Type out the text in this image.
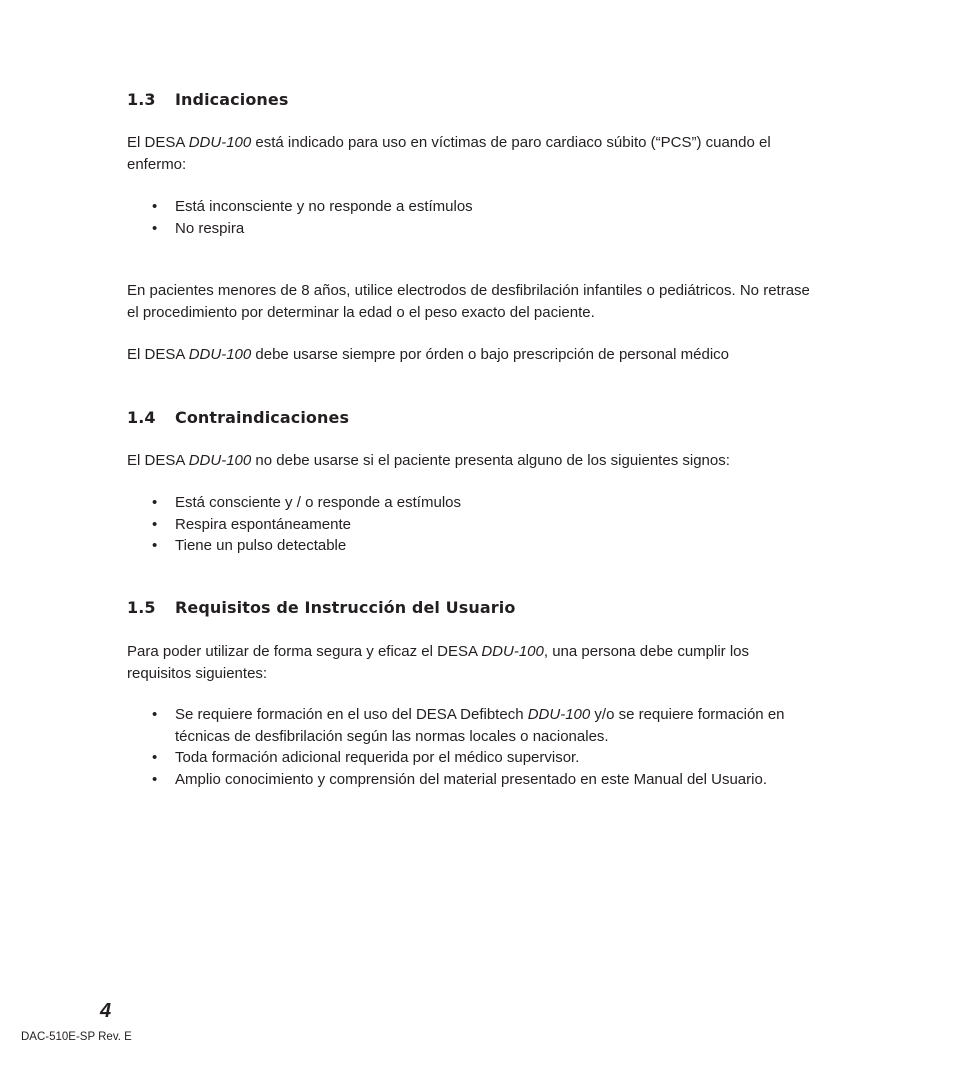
1.3 Indicaciones

El DESA DDU-100 está indicado para uso en víctimas de paro cardiaco súbito (“PCS”) cuando el enfermo:

• Está inconsciente y no responde a estímulos
• No respira

En pacientes menores de 8 años, utilice electrodos de desfibrilación infantiles o pediátricos. No retrase el procedimiento por determinar la edad o el peso exacto del paciente.

El DESA DDU-100 debe usarse siempre por órden o bajo prescripción de personal médico

1.4 Contraindicaciones

El DESA DDU-100 no debe usarse si el paciente presenta alguno de los siguientes signos:

• Está consciente y / o responde a estímulos
• Respira espontáneamente
• Tiene un pulso detectable
1.5 Requisitos de Instrucción del Usuario

Para poder utilizar de forma segura y eficaz el DESA DDU-100, una persona debe cumplir los requisitos siguientes:

• Se requiere formación en el uso del DESA Defibtech DDU-100 y/o se requiere formación en técnicas de desfibrilación según las normas locales o nacionales.
• Toda formación adicional requerida por el médico supervisor.
• Amplio conocimiento y comprensión del material presentado en este Manual del Usuario.
4
DAC-510E-SP Rev. E
